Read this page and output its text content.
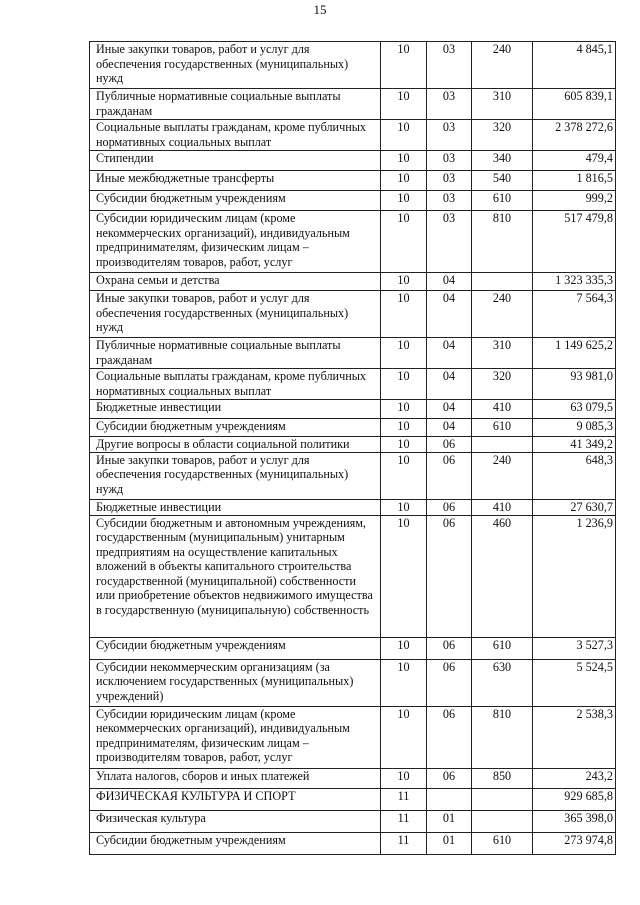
15
Иные закупки товаров, работ и услуг для обеспечения государственных (муниципальных) нужд	10	03	240	4 845,1
Публичные нормативные социальные выплаты гражданам	10	03	310	605 839,1
Социальные выплаты гражданам, кроме публичных нормативных социальных выплат	10	03	320	2 378 272,6
Стипендии	10	03	340	479,4
Иные межбюджетные трансферты	10	03	540	1 816,5
Субсидии бюджетным учреждениям	10	03	610	999,2
Субсидии юридическим лицам (кроме некоммерческих организаций), индивидуальным предпринимателям, физическим лицам – производителям товаров, работ, услуг	10	03	810	517 479,8
Охрана семьи и детства	10	04		1 323 335,3
Иные закупки товаров, работ и услуг для обеспечения государственных (муниципальных) нужд	10	04	240	7 564,3
Публичные нормативные социальные выплаты гражданам	10	04	310	1 149 625,2
Социальные выплаты гражданам, кроме публичных нормативных социальных выплат	10	04	320	93 981,0
Бюджетные инвестиции	10	04	410	63 079,5
Субсидии бюджетным учреждениям	10	04	610	9 085,3
Другие вопросы в области социальной политики	10	06		41 349,2
Иные закупки товаров, работ и услуг для обеспечения государственных (муниципальных) нужд	10	06	240	648,3
Бюджетные инвестиции	10	06	410	27 630,7
Субсидии бюджетным и автономным учреждениям, государственным (муниципальным) унитарным предприятиям на осуществление капитальных вложений в объекты капитального строительства государственной (муниципальной) собственности или приобретение объектов недвижимого имущества в государственную (муниципальную) собственность	10	06	460	1 236,9
Субсидии бюджетным учреждениям	10	06	610	3 527,3
Субсидии некоммерческим организациям (за исключением государственных (муниципальных) учреждений)	10	06	630	5 524,5
Субсидии юридическим лицам (кроме некоммерческих организаций), индивидуальным предпринимателям, физическим лицам – производителям товаров, работ, услуг	10	06	810	2 538,3
Уплата налогов, сборов и иных платежей	10	06	850	243,2
ФИЗИЧЕСКАЯ КУЛЬТУРА И СПОРТ	11			929 685,8
Физическая культура	11	01		365 398,0
Субсидии бюджетным учреждениям	11	01	610	273 974,8
